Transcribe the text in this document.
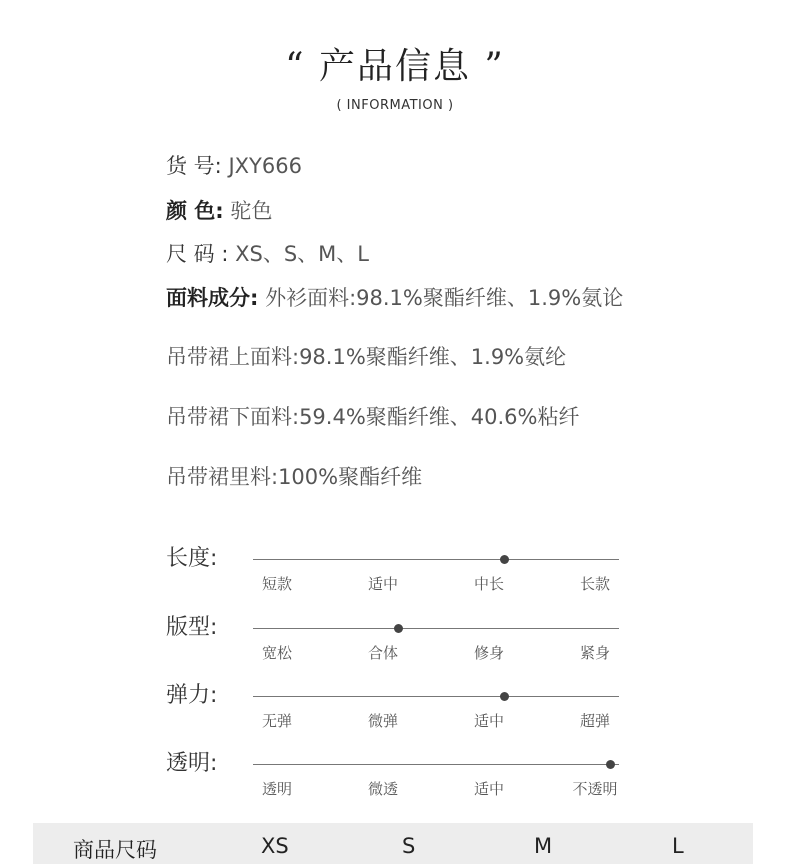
“ 产品信息 ”
( INFORMATION )
货 号: JXY666
颜 色: 驼色
尺 码 : XS、S、M、L
面料成分: 外衫面料:98.1%聚酯纤维、1.9%氨论
吊带裙上面料:98.1%聚酯纤维、1.9%氨纶
吊带裙下面料:59.4%聚酯纤维、40.6%粘纤
吊带裙里料:100%聚酯纤维
长度:
短款	适中	中长	长款
版型:
宽松	合体	修身	紧身
弹力:
无弹	微弹	适中	超弹
透明:
透明	微透	适中	不透明
商品尺码	XS	S	M	L
